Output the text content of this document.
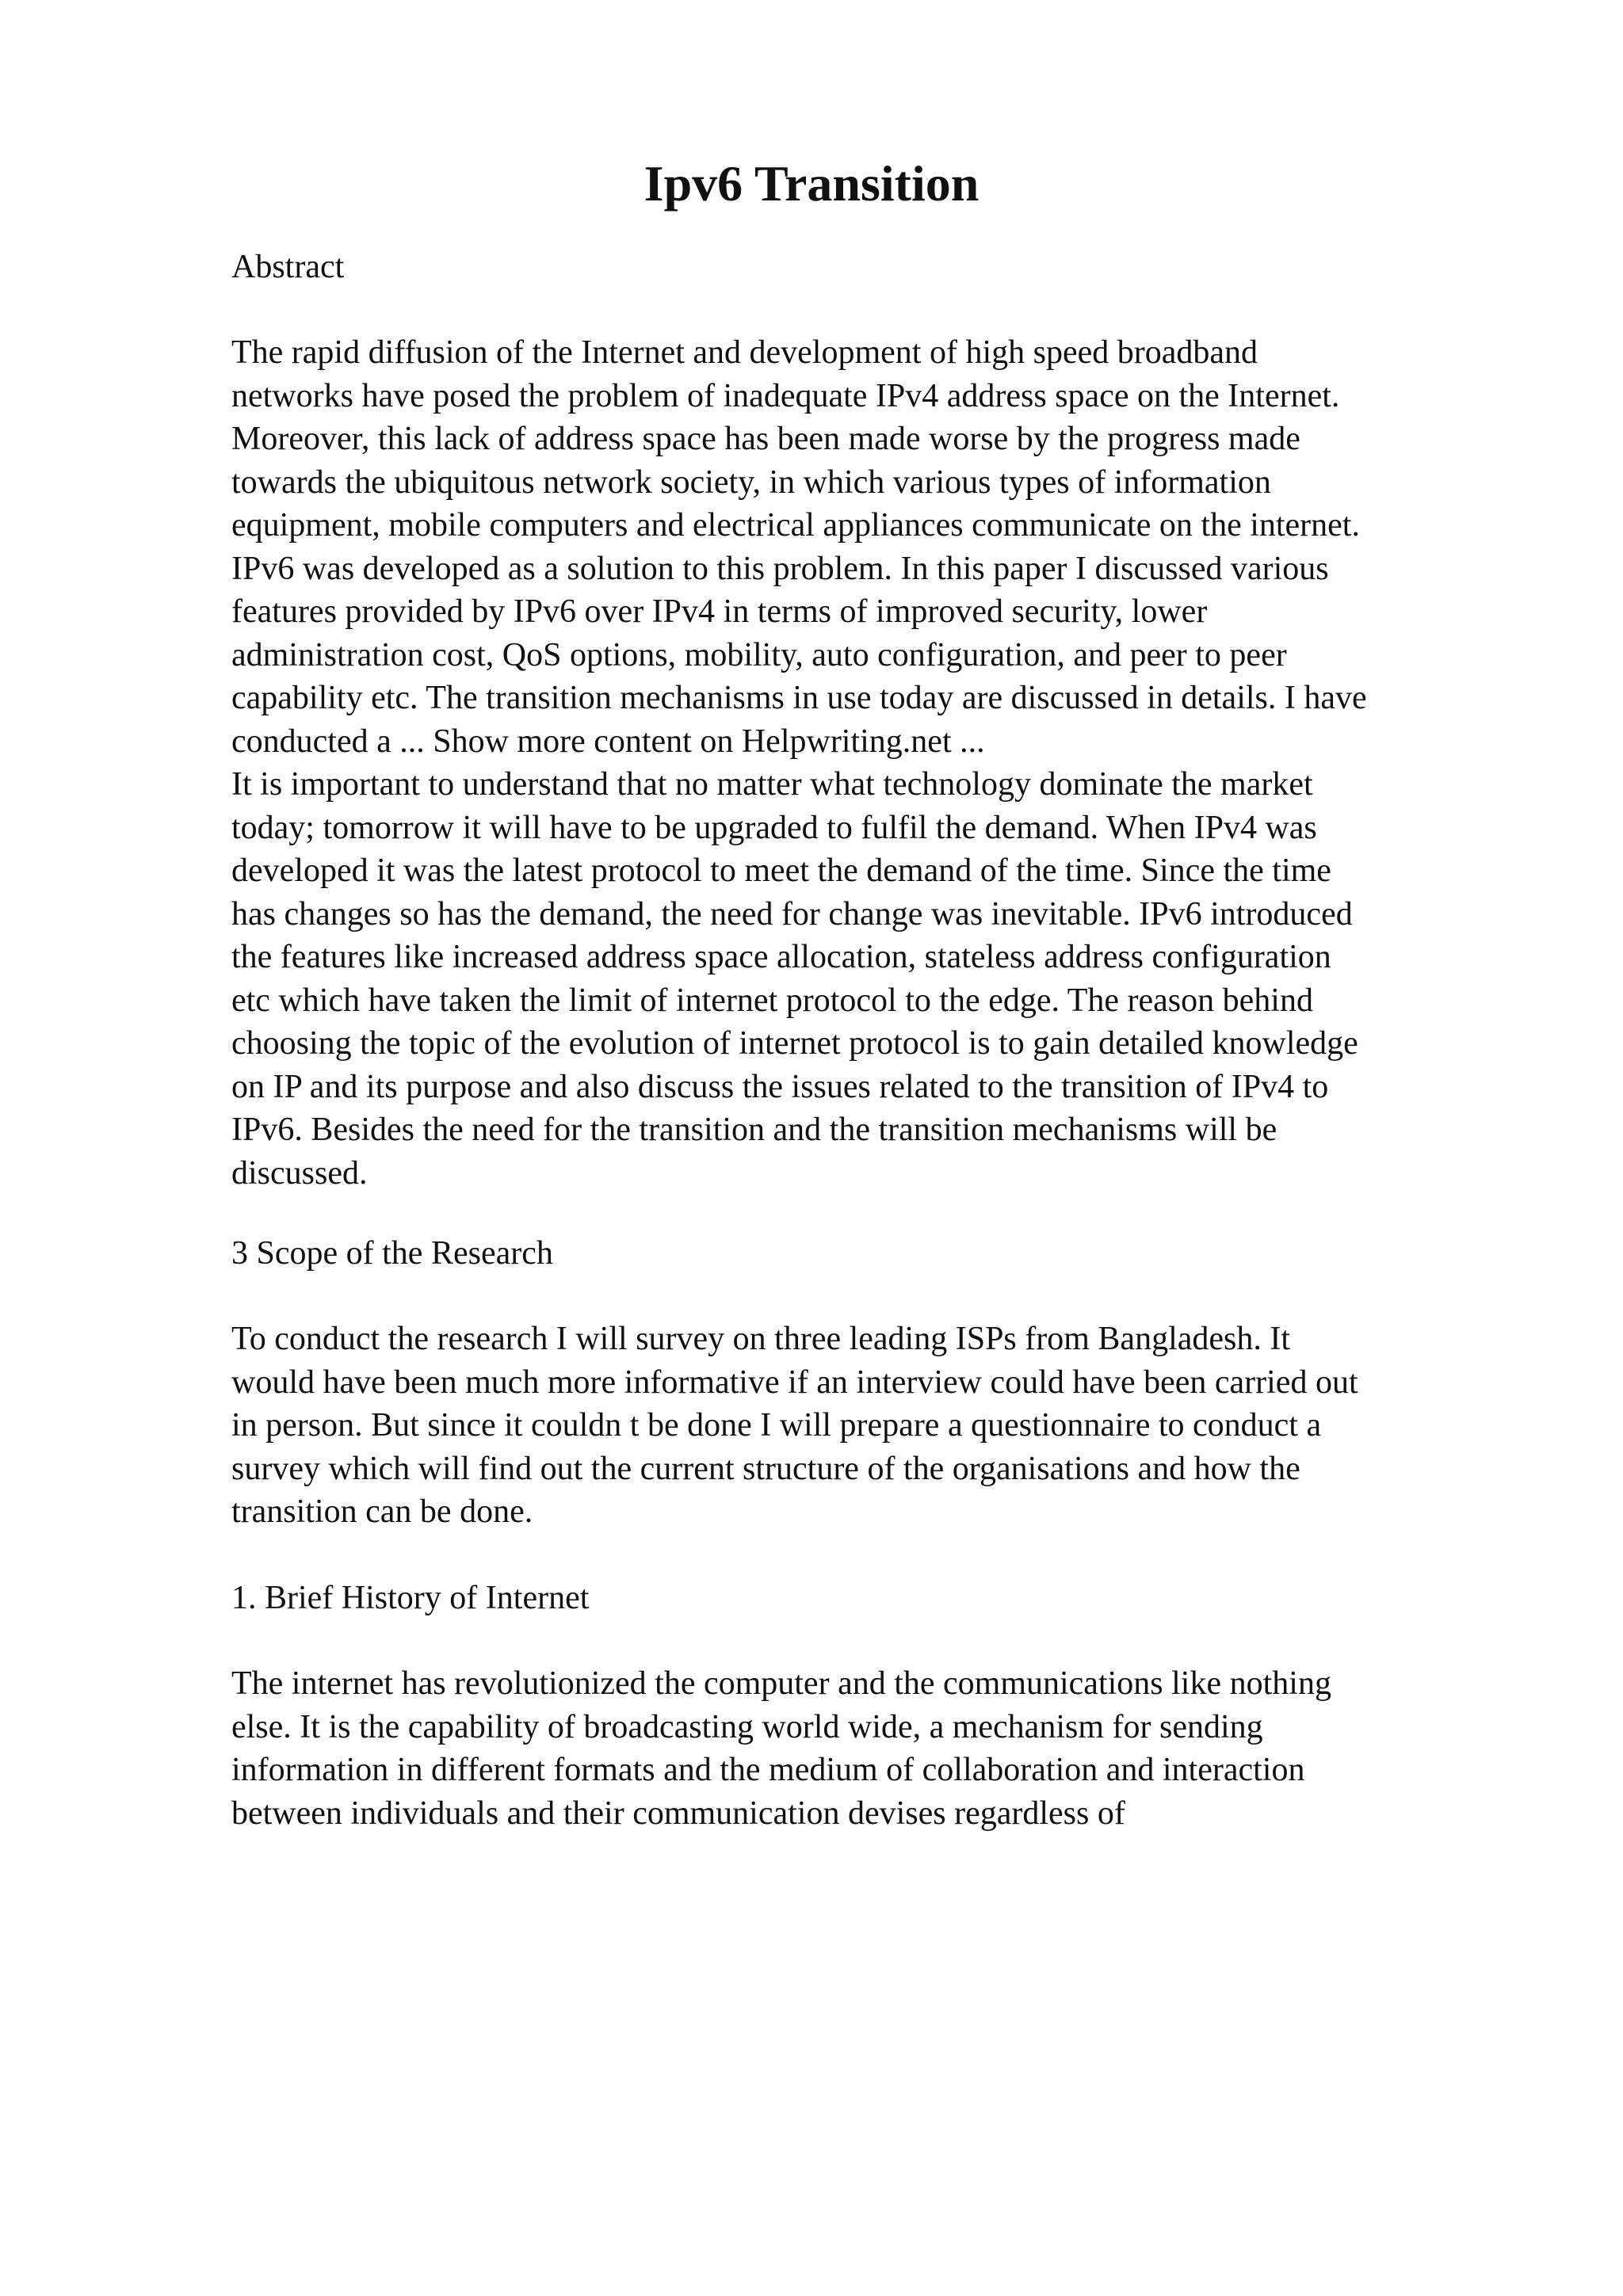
Ipv6 Transition

Abstract

The rapid diffusion of the Internet and development of high speed broadband
networks have posed the problem of inadequate IPv4 address space on the Internet.
Moreover, this lack of address space has been made worse by the progress made
towards the ubiquitous network society, in which various types of information
equipment, mobile computers and electrical appliances communicate on the internet.
IPv6 was developed as a solution to this problem. In this paper I discussed various
features provided by IPv6 over IPv4 in terms of improved security, lower
administration cost, QoS options, mobility, auto configuration, and peer to peer
capability etc. The transition mechanisms in use today are discussed in details. I have
conducted a ... Show more content on Helpwriting.net ...
It is important to understand that no matter what technology dominate the market
today; tomorrow it will have to be upgraded to fulfil the demand. When IPv4 was
developed it was the latest protocol to meet the demand of the time. Since the time
has changes so has the demand, the need for change was inevitable. IPv6 introduced
the features like increased address space allocation, stateless address configuration
etc which have taken the limit of internet protocol to the edge. The reason behind
choosing the topic of the evolution of internet protocol is to gain detailed knowledge
on IP and its purpose and also discuss the issues related to the transition of IPv4 to
IPv6. Besides the need for the transition and the transition mechanisms will be
discussed.

3 Scope of the Research

To conduct the research I will survey on three leading ISPs from Bangladesh. It
would have been much more informative if an interview could have been carried out
in person. But since it couldn t be done I will prepare a questionnaire to conduct a
survey which will find out the current structure of the organisations and how the
transition can be done.

1. Brief History of Internet

The internet has revolutionized the computer and the communications like nothing
else. It is the capability of broadcasting world wide, a mechanism for sending
information in different formats and the medium of collaboration and interaction
between individuals and their communication devises regardless of
